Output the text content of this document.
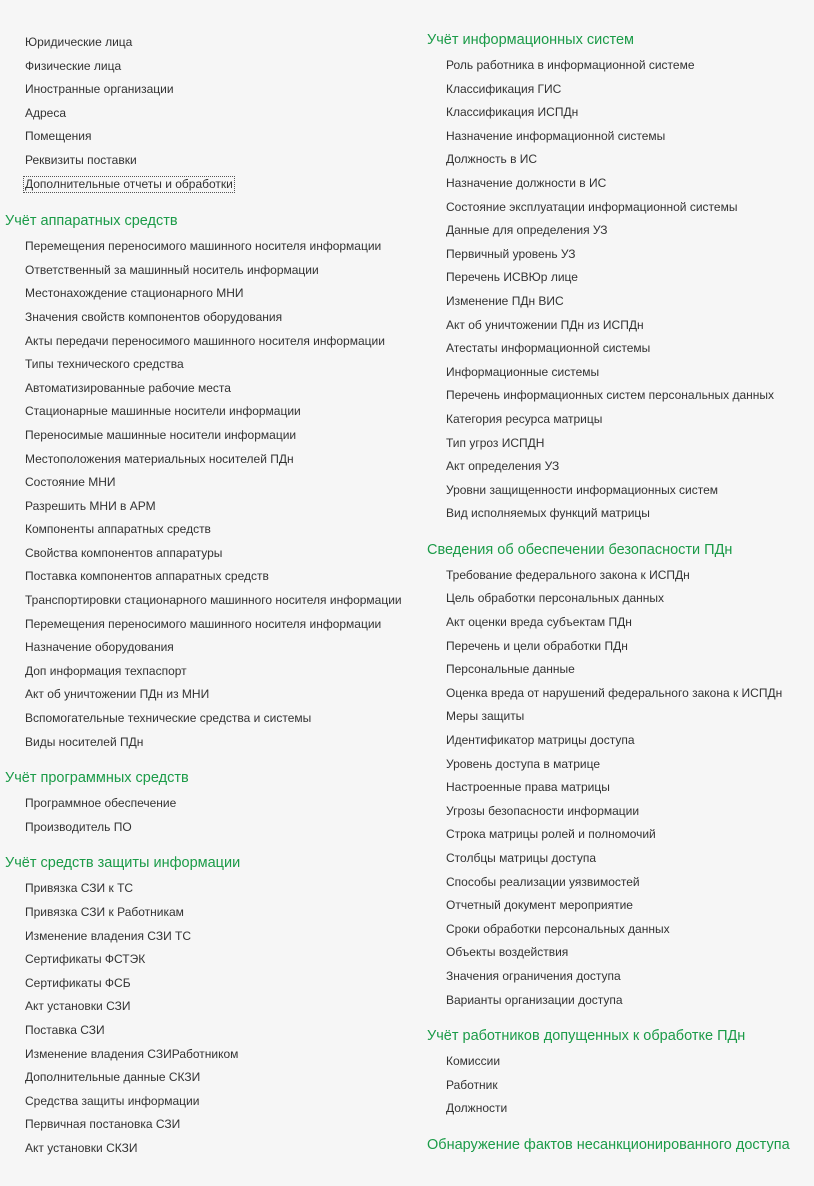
Юридические лица
Физические лица
Иностранные организации
Адреса
Помещения
Реквизиты поставки
Дополнительные отчеты и обработки
Учёт аппаратных средств
Перемещения переносимого машинного носителя информации
Ответственный за машинный носитель информации
Местонахождение стационарного МНИ
Значения свойств компонентов оборудования
Акты передачи переносимого машинного носителя информации
Типы технического средства
Автоматизированные рабочие места
Стационарные машинные носители информации
Переносимые машинные носители информации
Местоположения материальных носителей ПДн
Состояние МНИ
Разрешить МНИ в АРМ
Компоненты аппаратных средств
Свойства компонентов аппаратуры
Поставка компонентов аппаратных средств
Транспортировки стационарного машинного носителя информации
Перемещения переносимого машинного носителя информации
Назначение оборудования
Доп информация техпаспорт
Акт об уничтожении ПДн из МНИ
Вспомогательные технические средства и системы
Виды носителей ПДн
Учёт программных средств
Программное обеспечение
Производитель ПО
Учёт средств защиты информации
Привязка СЗИ к ТС
Привязка СЗИ к Работникам
Изменение владения СЗИ ТС
Сертификаты ФСТЭК
Сертификаты ФСБ
Акт установки СЗИ
Поставка СЗИ
Изменение владения СЗИРаботником
Дополнительные данные СКЗИ
Средства защиты информации
Первичная постановка СЗИ
Акт установки СКЗИ
Учёт информационных систем
Роль работника в информационной системе
Классификация ГИС
Классификация ИСПДн
Назначение информационной системы
Должность в ИС
Назначение должности в ИС
Состояние эксплуатации информационной системы
Данные для определения УЗ
Первичный уровень УЗ
Перечень ИСВЮр лице
Изменение ПДн ВИС
Акт об уничтожении ПДн из ИСПДн
Атестаты информационной системы
Информационные системы
Перечень информационных систем персональных данных
Категория ресурса матрицы
Тип угроз ИСПДН
Акт определения УЗ
Уровни защищенности информационных систем
Вид исполняемых функций матрицы
Сведения об обеспечении безопасности ПДн
Требование федерального закона к ИСПДн
Цель обработки персональных данных
Акт оценки вреда субъектам ПДн
Перечень и цели обработки ПДн
Персональные данные
Оценка вреда от нарушений федерального закона к ИСПДн
Меры защиты
Идентификатор матрицы доступа
Уровень доступа в матрице
Настроенные права матрицы
Угрозы безопасности информации
Строка матрицы ролей и полномочий
Столбцы матрицы доступа
Способы реализации уязвимостей
Отчетный документ мероприятие
Сроки обработки персональных данных
Объекты воздействия
Значения ограничения доступа
Варианты организации доступа
Учёт работников допущенных к обработке ПДн
Комиссии
Работник
Должности
Обнаружение фактов несанкционированного доступа
